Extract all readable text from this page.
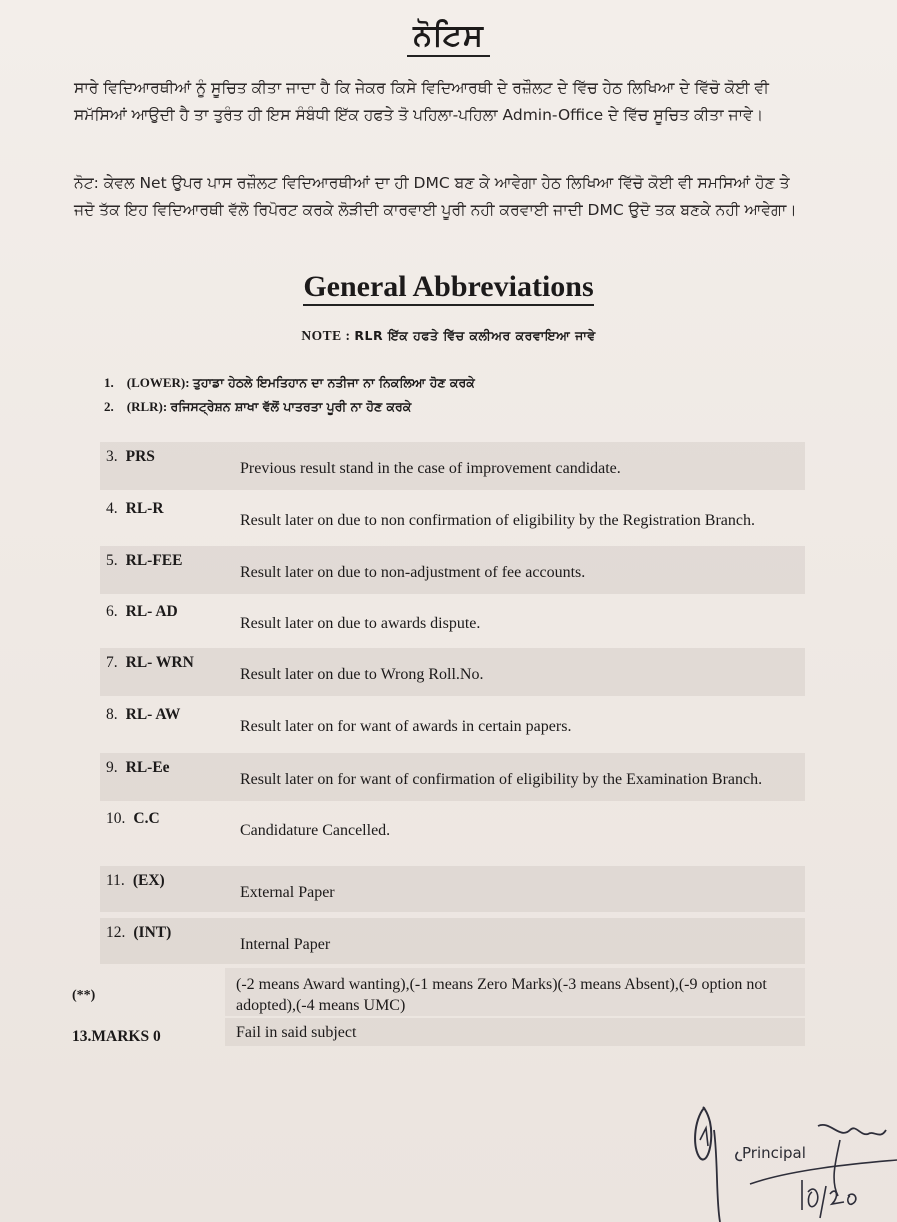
ਨੋਟਿਸ
ਸਾਰੇ ਵਿਦਿਆਰਥੀਆਂ ਨੂੰ ਸੂਚਿਤ ਕੀਤਾ ਜਾਦਾ ਹੈ ਕਿ ਜੇਕਰ ਕਿਸੇ ਵਿਦਿਆਰਥੀ ਦੇ ਰਜ਼ੌਲਟ ਦੇ ਵਿੱਚ ਹੇਠ ਲਿਖਿਆ ਦੇ ਵਿੱਚੋ ਕੋਈ ਵੀ ਸਮੱਸਿਆਂ ਆਉਦੀ ਹੈ ਤਾ ਤੁਰੰਤ ਹੀ ਇਸ ਸੰਬੰਧੀ ਇੱਕ ਹਫਤੇ ਤੋ ਪਹਿਲਾ-ਪਹਿਲਾ Admin-Office ਦੇ ਵਿੱਚ ਸੂਚਿਤ ਕੀਤਾ ਜਾਵੇ।
ਨੋਟ: ਕੇਵਲ Net ਉਪਰ ਪਾਸ ਰਜ਼ੌਲਟ ਵਿਦਿਆਰਥੀਆਂ ਦਾ ਹੀ DMC ਬਣ ਕੇ ਆਵੇਗਾ ਹੇਠ ਲਿਖਿਆ ਵਿੱਚੋ ਕੋਈ ਵੀ ਸਮਸਿਆਂ ਹੋਣ ਤੇ ਜਦੋ ਤੱਕ ਇਹ ਵਿਦਿਆਰਥੀ ਵੱਲੋ ਰਿਪੋਰਟ ਕਰਕੇ ਲੋੜੀਦੀ ਕਾਰਵਾਈ ਪੂਰੀ ਨਹੀ ਕਰਵਾਈ ਜਾਦੀ DMC ਉਦੋ ਤਕ ਬਣਕੇ ਨਹੀ ਆਵੇਗਾ।
General Abbreviations
NOTE : RLR ਇੱਕ ਹਫਤੇ ਵਿੱਚ ਕਲੀਅਰ ਕਰਵਾਇਆ ਜਾਵੇ
1. (LOWER): ਤੁਹਾਡਾ ਹੇਠਲੇ ਇਮਤਿਹਾਨ ਦਾ ਨਤੀਜਾ ਨਾ ਨਿਕਲਿਆ ਹੋਣ ਕਰਕੇ
2. (RLR): ਰਜਿਸਟ੍ਰੇਸ਼ਨ ਸ਼ਾਖਾ ਵੱਲੋਂ ਪਾਤਰਤਾ ਪੂਰੀ ਨਾ ਹੋਣ ਕਰਕੇ
3. PRS
Previous result stand in the case of improvement candidate.
4. RL-R
Result later on due to non confirmation of eligibility by the Registration Branch.
5. RL-FEE
Result later on due to non-adjustment of fee accounts.
6. RL- AD
Result later on due to awards dispute.
7. RL- WRN
Result later on due to Wrong Roll.No.
8. RL- AW
Result later on for want of awards in certain papers.
9. RL-Ee
Result later on for want of confirmation of eligibility by the Examination Branch.
10. C.C
Candidature Cancelled.
11. (EX)
External Paper
12. (INT)
Internal Paper
(**)
(-2 means Award wanting),(-1 means Zero Marks)(-3 means Absent),(-9 option not adopted),(-4 means UMC)
13.MARKS 0	Fail in said subject
Principal
